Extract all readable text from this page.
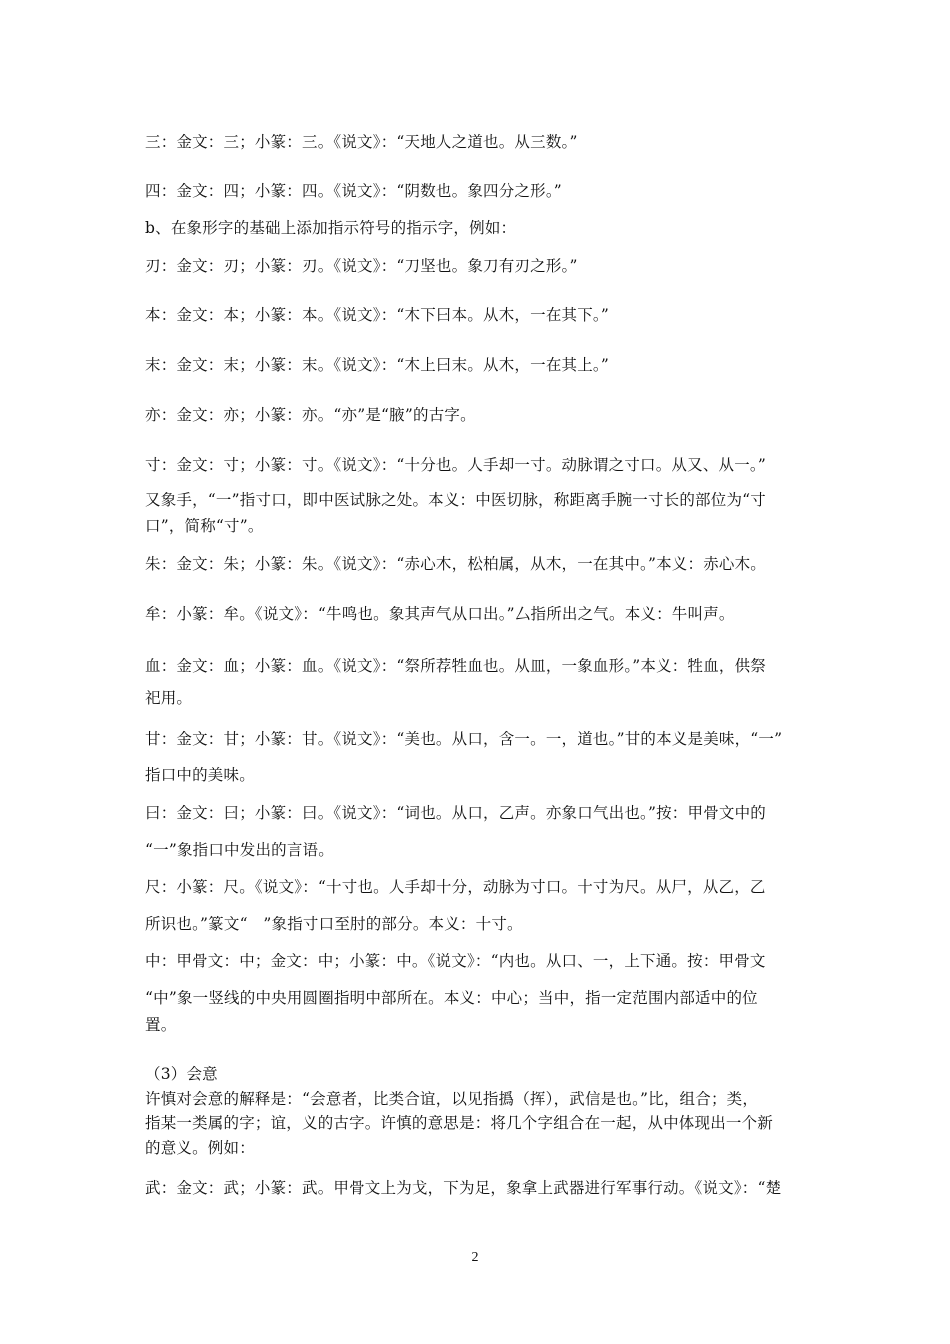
三：金文：三；小篆：三。《说文》：“天地人之道也。从三数。”
四：金文：四；小篆：四。《说文》：“阴数也。象四分之形。”
b、在象形字的基础上添加指示符号的指示字，例如：
刃：金文：刃；小篆：刃。《说文》：“刀坚也。象刀有刃之形。”
本：金文：本；小篆：本。《说文》：“木下曰本。从木，一在其下。”
末：金文：末；小篆：末。《说文》：“木上曰末。从木，一在其上。”
亦：金文：亦；小篆：亦。“亦”是“腋”的古字。
寸：金文：寸；小篆：寸。《说文》：“十分也。人手却一寸。动脉谓之寸口。从又、从一。”
又象手，“一”指寸口，即中医试脉之处。本义：中医切脉，称距离手腕一寸长的部位为“寸
口”，简称“寸”。
朱：金文：朱；小篆：朱。《说文》：“赤心木，松柏属，从木，一在其中。”本义：赤心木。
牟：小篆：牟。《说文》：“牛鸣也。象其声气从口出。”厶指所出之气。本义：牛叫声。
血：金文：血；小篆：血。《说文》：“祭所荐牲血也。从皿，一象血形。”本义：牲血，供祭
祀用。
甘：金文：甘；小篆：甘。《说文》：“美也。从口，含一。一，道也。”甘的本义是美味，“一”
指口中的美味。
曰：金文：曰；小篆：曰。《说文》：“词也。从口，乙声。亦象口气出也。”按：甲骨文中的
“一”象指口中发出的言语。
尺：小篆：尺。《说文》：“十寸也。人手却十分，动脉为寸口。十寸为尺。从尸，从乙，乙
所识也。”篆文“　”象指寸口至肘的部分。本义：十寸。
中：甲骨文：中；金文：中；小篆：中。《说文》：“内也。从口、一，上下通。按：甲骨文
“中”象一竖线的中央用圆圈指明中部所在。本义：中心；当中，指一定范围内部适中的位
置。
（3）会意
许慎对会意的解释是：“会意者，比类合谊，以见指撝（挥），武信是也。”比，组合；类，
指某一类属的字；谊，义的古字。许慎的意思是：将几个字组合在一起，从中体现出一个新
的意义。例如：
武：金文：武；小篆：武。甲骨文上为戈，下为足，象拿上武器进行军事行动。《说文》：“楚
2
